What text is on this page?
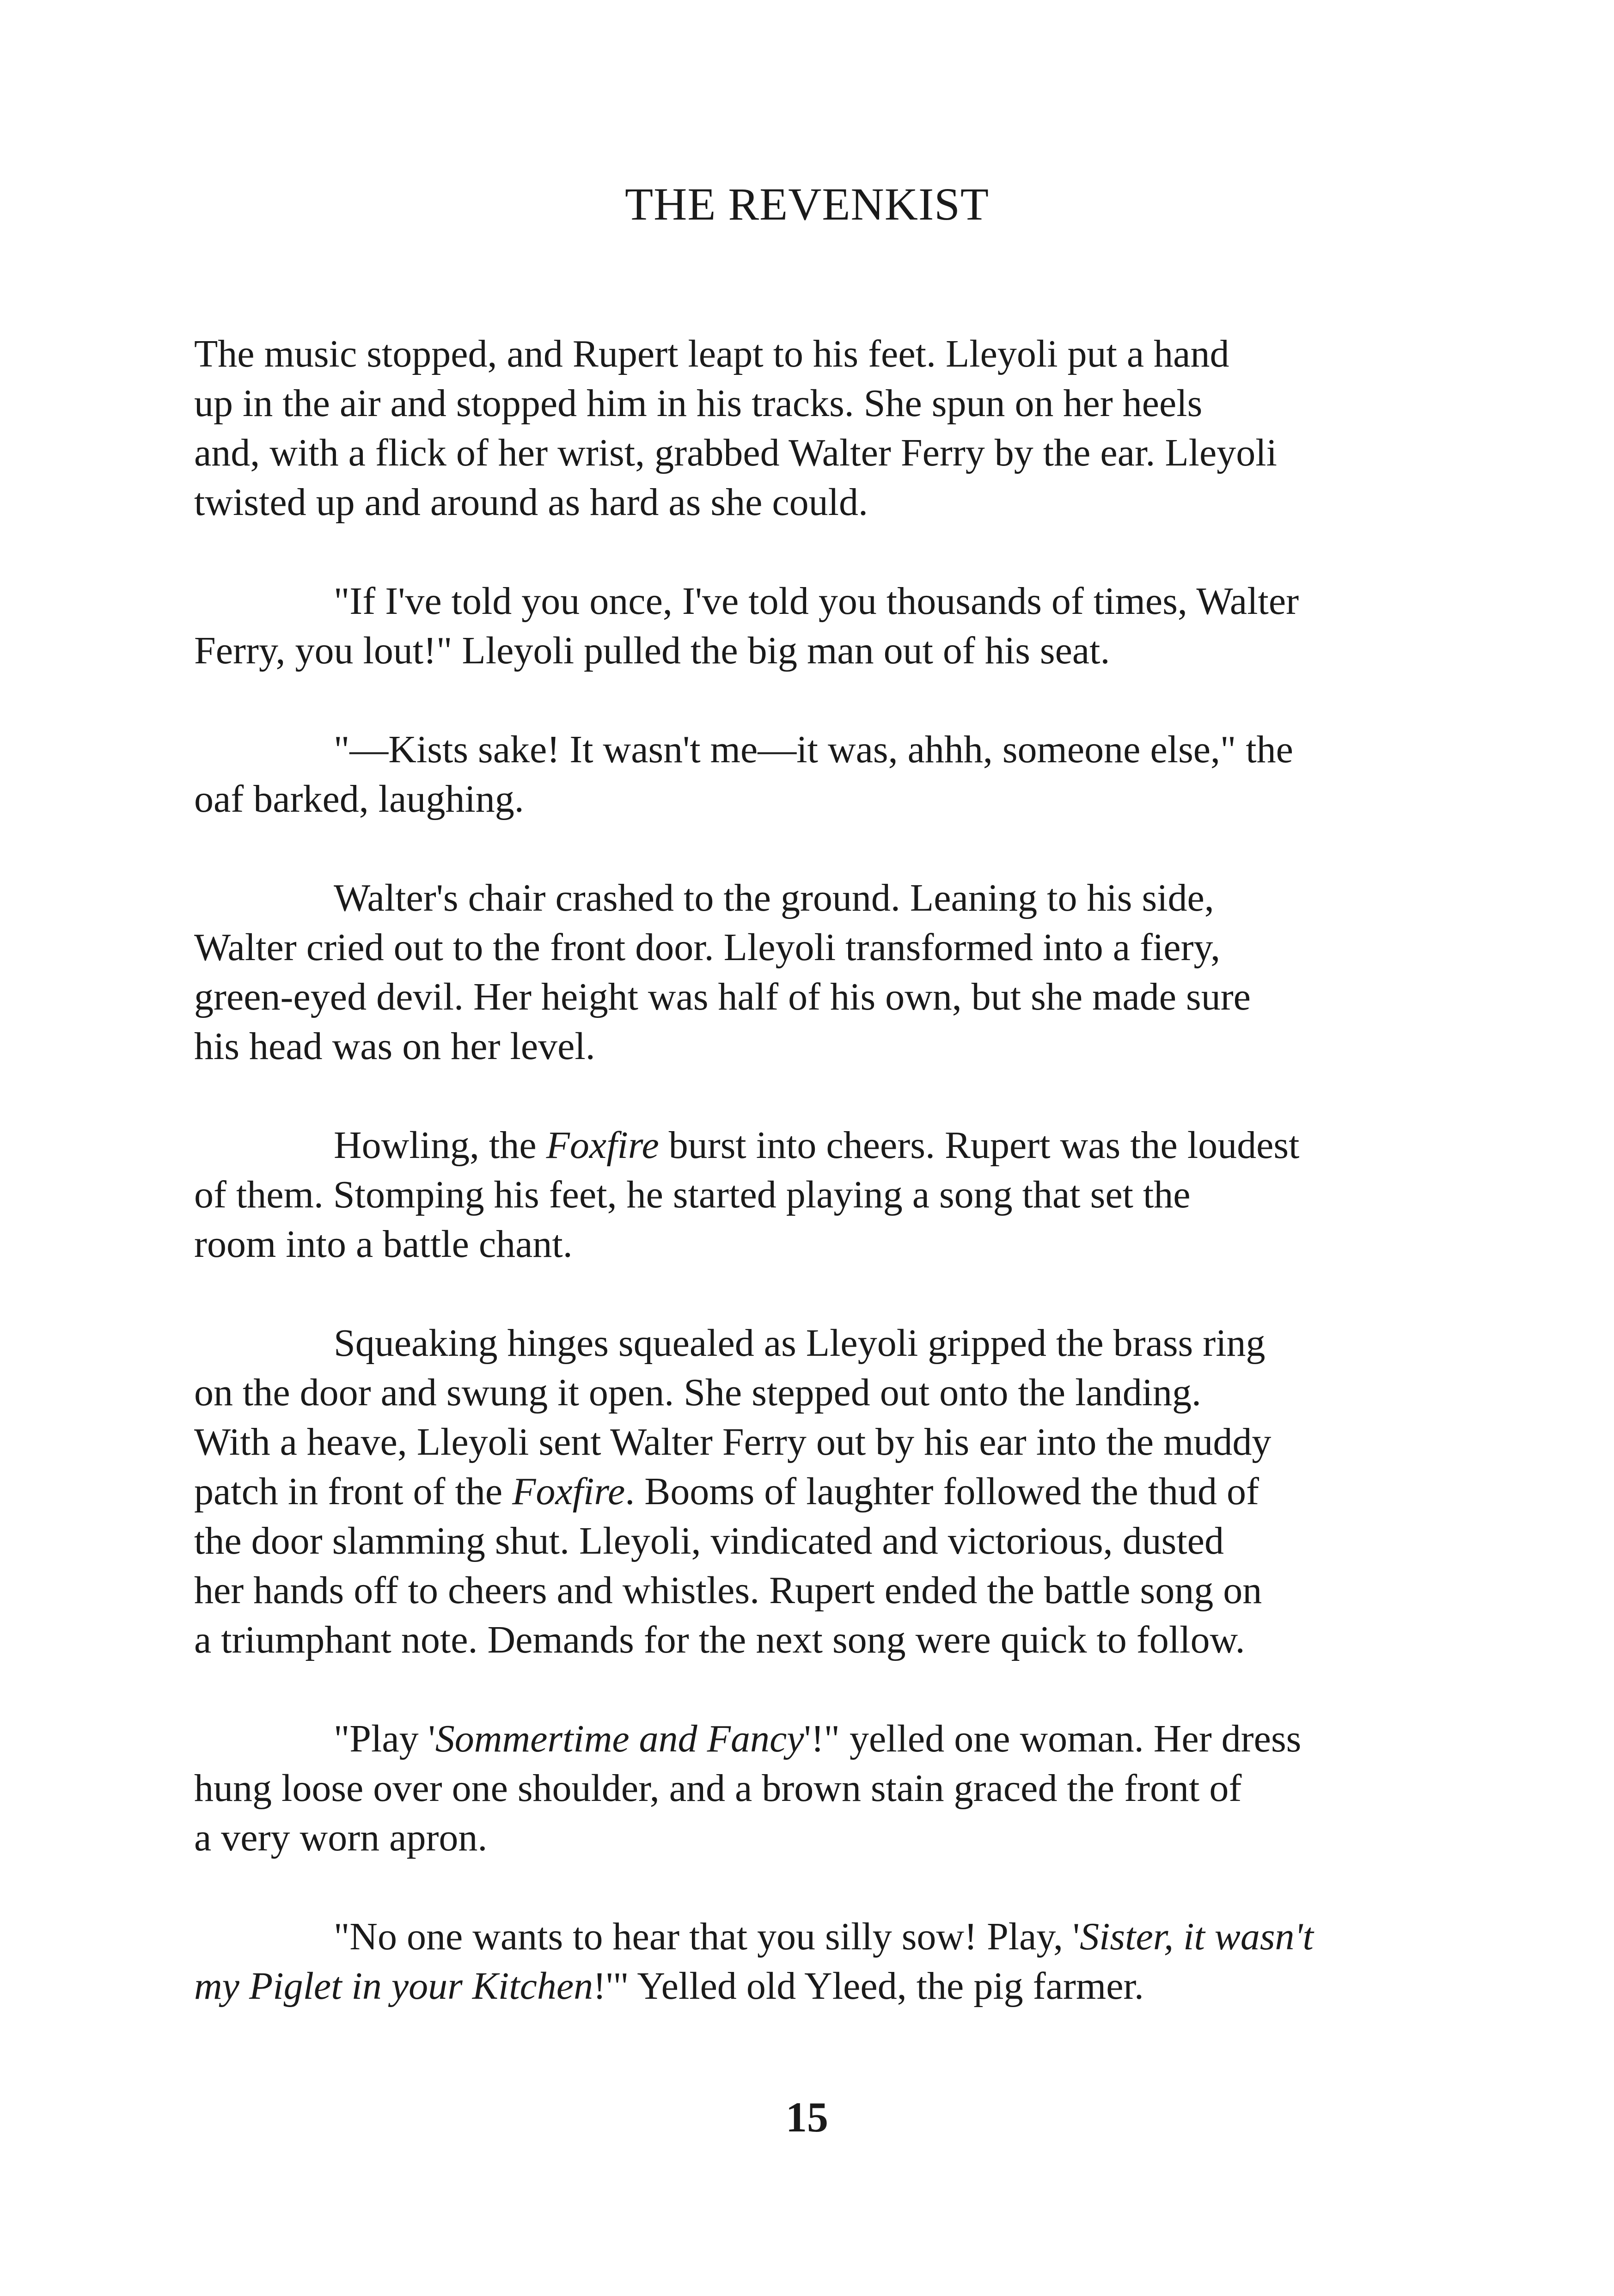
THE REVENKIST

The music stopped, and Rupert leapt to his feet. Lleyoli put a hand
up in the air and stopped him in his tracks. She spun on her heels
and, with a flick of her wrist, grabbed Walter Ferry by the ear. Lleyoli
twisted up and around as hard as she could.

"If I've told you once, I've told you thousands of times, Walter
Ferry, you lout!" Lleyoli pulled the big man out of his seat.

"—Kists sake! It wasn't me—it was, ahhh, someone else," the
oaf barked, laughing.

Walter's chair crashed to the ground. Leaning to his side,
Walter cried out to the front door. Lleyoli transformed into a fiery,
green-eyed devil. Her height was half of his own, but she made sure
his head was on her level.

Howling, the Foxfire burst into cheers. Rupert was the loudest
of them. Stomping his feet, he started playing a song that set the
room into a battle chant.

Squeaking hinges squealed as Lleyoli gripped the brass ring
on the door and swung it open. She stepped out onto the landing.
With a heave, Lleyoli sent Walter Ferry out by his ear into the muddy
patch in front of the Foxfire. Booms of laughter followed the thud of
the door slamming shut. Lleyoli, vindicated and victorious, dusted
her hands off to cheers and whistles. Rupert ended the battle song on
a triumphant note. Demands for the next song were quick to follow.

"Play 'Sommertime and Fancy'!" yelled one woman. Her dress
hung loose over one shoulder, and a brown stain graced the front of
a very worn apron.

"No one wants to hear that you silly sow! Play, 'Sister, it wasn't
my Piglet in your Kitchen!'" Yelled old Yleed, the pig farmer.

15
